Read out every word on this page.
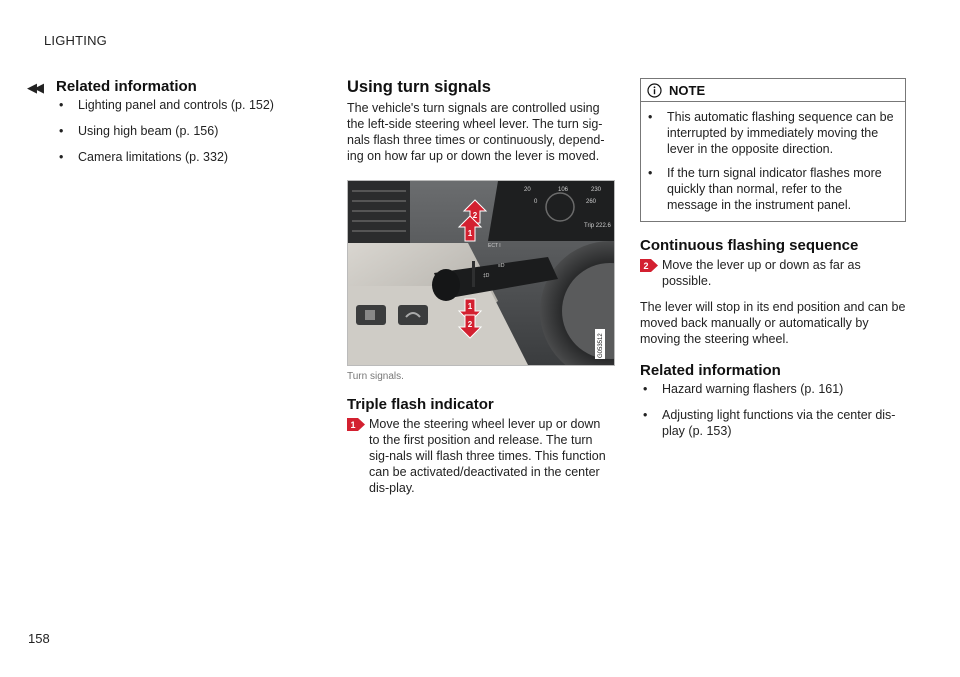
LIGHTING
◀◀ Related information
• Lighting panel and controls (p. 152)
• Using high beam (p. 156)
• Camera limitations (p. 332)
Using turn signals

The vehicle's turn signals are controlled using the left-side steering wheel lever. The turn sig-nals flash three times or continuously, depend-ing on how far up or down the lever is moved.

20	106	230
0	260
Trip 222.6
ECT I
≡D
‡D
2
1
1
2
G053512
Turn signals.
Triple flash indicator
1 Move the steering wheel lever up or down to the first position and release. The turn sig-nals will flash three times. This function can be activated/deactivated in the center dis-play.
NOTE
• This automatic flashing sequence can be interrupted by immediately moving the lever in the opposite direction.
• If the turn signal indicator flashes more quickly than normal, refer to the message in the instrument panel.
Continuous flashing sequence
2 Move the lever up or down as far as possible.

The lever will stop in its end position and can be moved back manually or automatically by moving the steering wheel.

Related information
• Hazard warning flashers (p. 161)
• Adjusting light functions via the center dis-play (p. 153)
158
